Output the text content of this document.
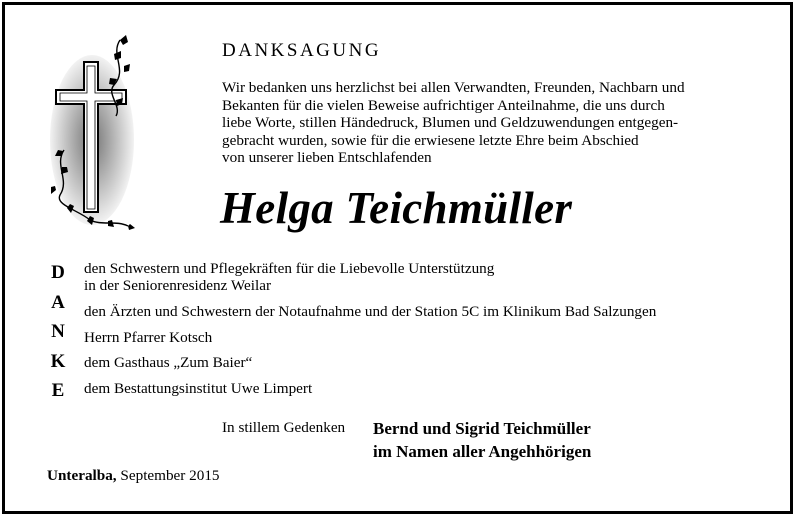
DANKSAGUNG
Wir bedanken uns herzlichst bei allen Verwandten, Freunden, Nachbarn und
Bekanten für die vielen Beweise aufrichtiger Anteilnahme, die uns durch
liebe Worte, stillen Händedruck, Blumen und Geldzuwendungen entgegen-
gebracht wurden, sowie für die erwiesene letzte Ehre beim Abschied
von unserer lieben Entschlafenden
Helga Teichmüller
D
A
N
K
E
den Schwestern und Pflegekräften für die Liebevolle Unterstützung
in der Seniorenresidenz Weilar
den Ärzten und Schwestern der Notaufnahme und der Station 5C im Klinikum Bad Salzungen
Herrn Pfarrer Kotsch
dem Gasthaus „Zum Baier“
dem Bestattungsinstitut Uwe Limpert
In stillem Gedenken Bernd und Sigrid Teichmüller
im Namen aller Angehhörigen
Unteralba, September 2015
